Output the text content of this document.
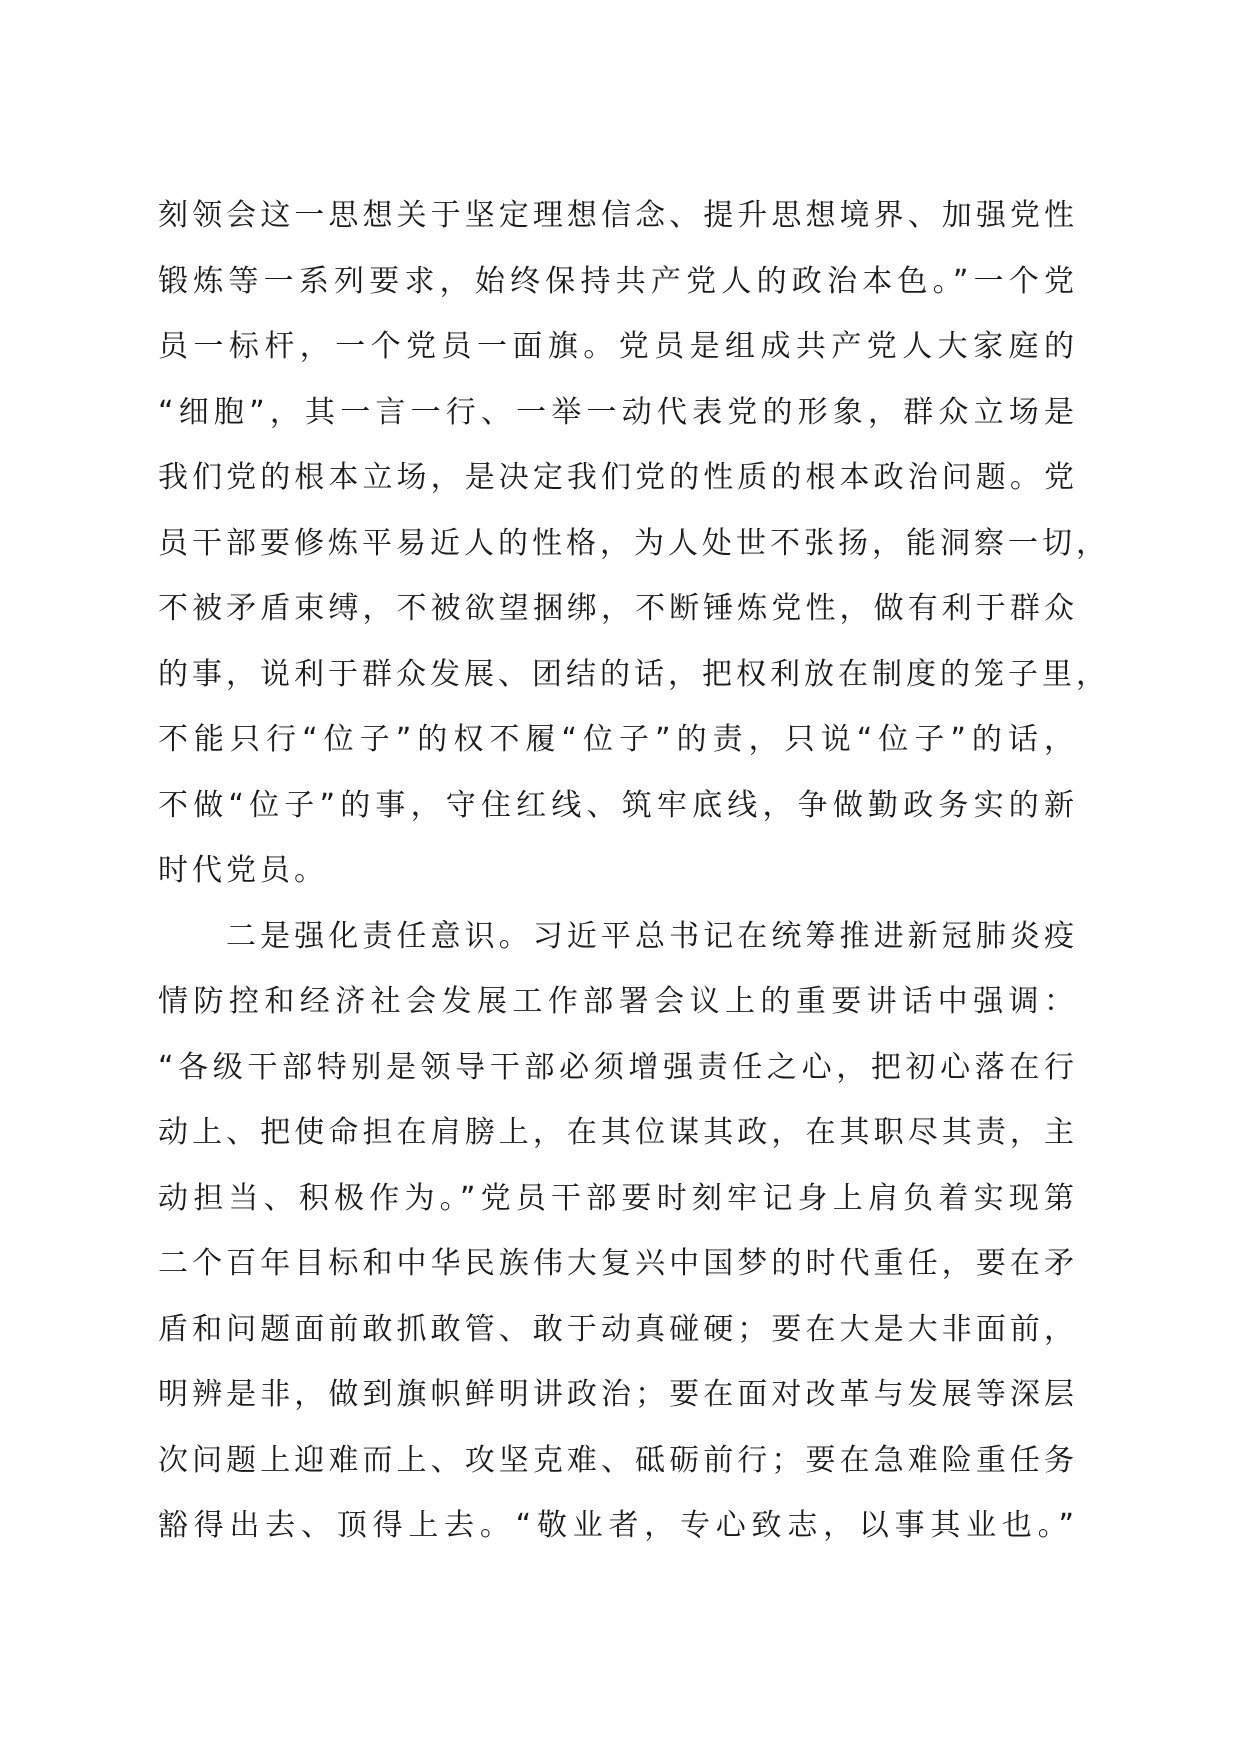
刻领会这一思想关于坚定理想信念、提升思想境界、加强党性
锻炼等一系列要求，始终保持共产党人的政治本色。”一个党
员一标杆，一个党员一面旗。党员是组成共产党人大家庭的
“细胞”，其一言一行、一举一动代表党的形象，群众立场是
我们党的根本立场，是决定我们党的性质的根本政治问题。党
员干部要修炼平易近人的性格，为人处世不张扬，能洞察一切，
不被矛盾束缚，不被欲望捆绑，不断锤炼党性，做有利于群众
的事，说利于群众发展、团结的话，把权利放在制度的笼子里，
不能只行“位子”的权不履“位子”的责，只说“位子”的话，
不做“位子”的事，守住红线、筑牢底线，争做勤政务实的新
时代党员。
二是强化责任意识。习近平总书记在统筹推进新冠肺炎疫
情防控和经济社会发展工作部署会议上的重要讲话中强调：
“各级干部特别是领导干部必须增强责任之心，把初心落在行
动上、把使命担在肩膀上，在其位谋其政，在其职尽其责，主
动担当、积极作为。”党员干部要时刻牢记身上肩负着实现第
二个百年目标和中华民族伟大复兴中国梦的时代重任，要在矛
盾和问题面前敢抓敢管、敢于动真碰硬；要在大是大非面前，
明辨是非，做到旗帜鲜明讲政治；要在面对改革与发展等深层
次问题上迎难而上、攻坚克难、砥砺前行；要在急难险重任务
豁得出去、顶得上去。“敬业者，专心致志，以事其业也。”
